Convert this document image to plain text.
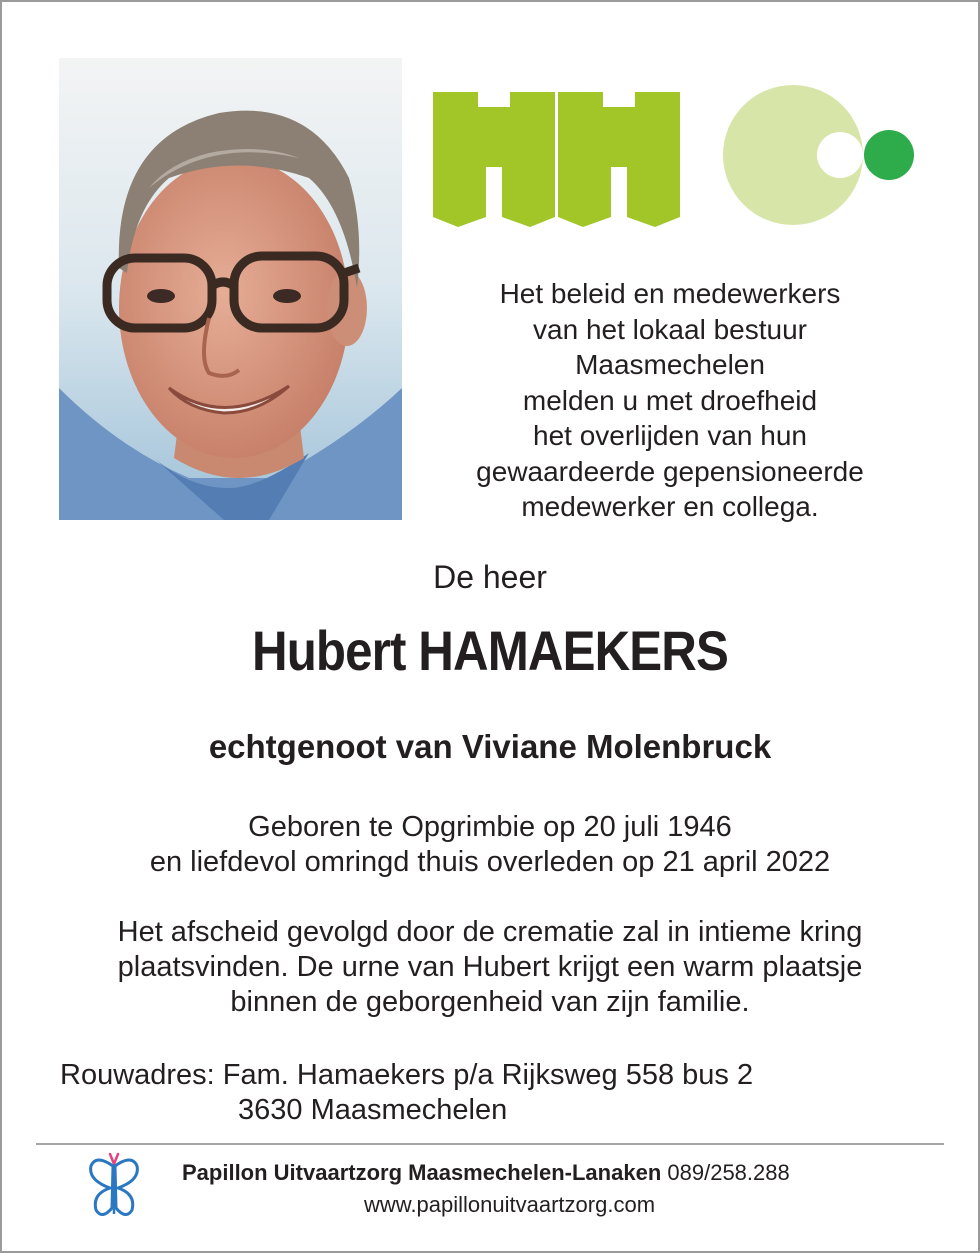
Het beleid en medewerkers
van het lokaal bestuur
Maasmechelen
melden u met droefheid
het overlijden van hun
gewaardeerde gepensioneerde
medewerker en collega.
De heer
Hubert HAMAEKERS
echtgenoot van Viviane Molenbruck
Geboren te Opgrimbie op 20 juli 1946
en liefdevol omringd thuis overleden op 21 april 2022
Het afscheid gevolgd door de crematie zal in intieme kring
plaatsvinden. De urne van Hubert krijgt een warm plaatsje
binnen de geborgenheid van zijn familie.
Rouwadres: Fam. Hamaekers p/a Rijksweg 558 bus 2
3630 Maasmechelen
Papillon Uitvaartzorg Maasmechelen-Lanaken 089/258.288
www.papillonuitvaartzorg.com
